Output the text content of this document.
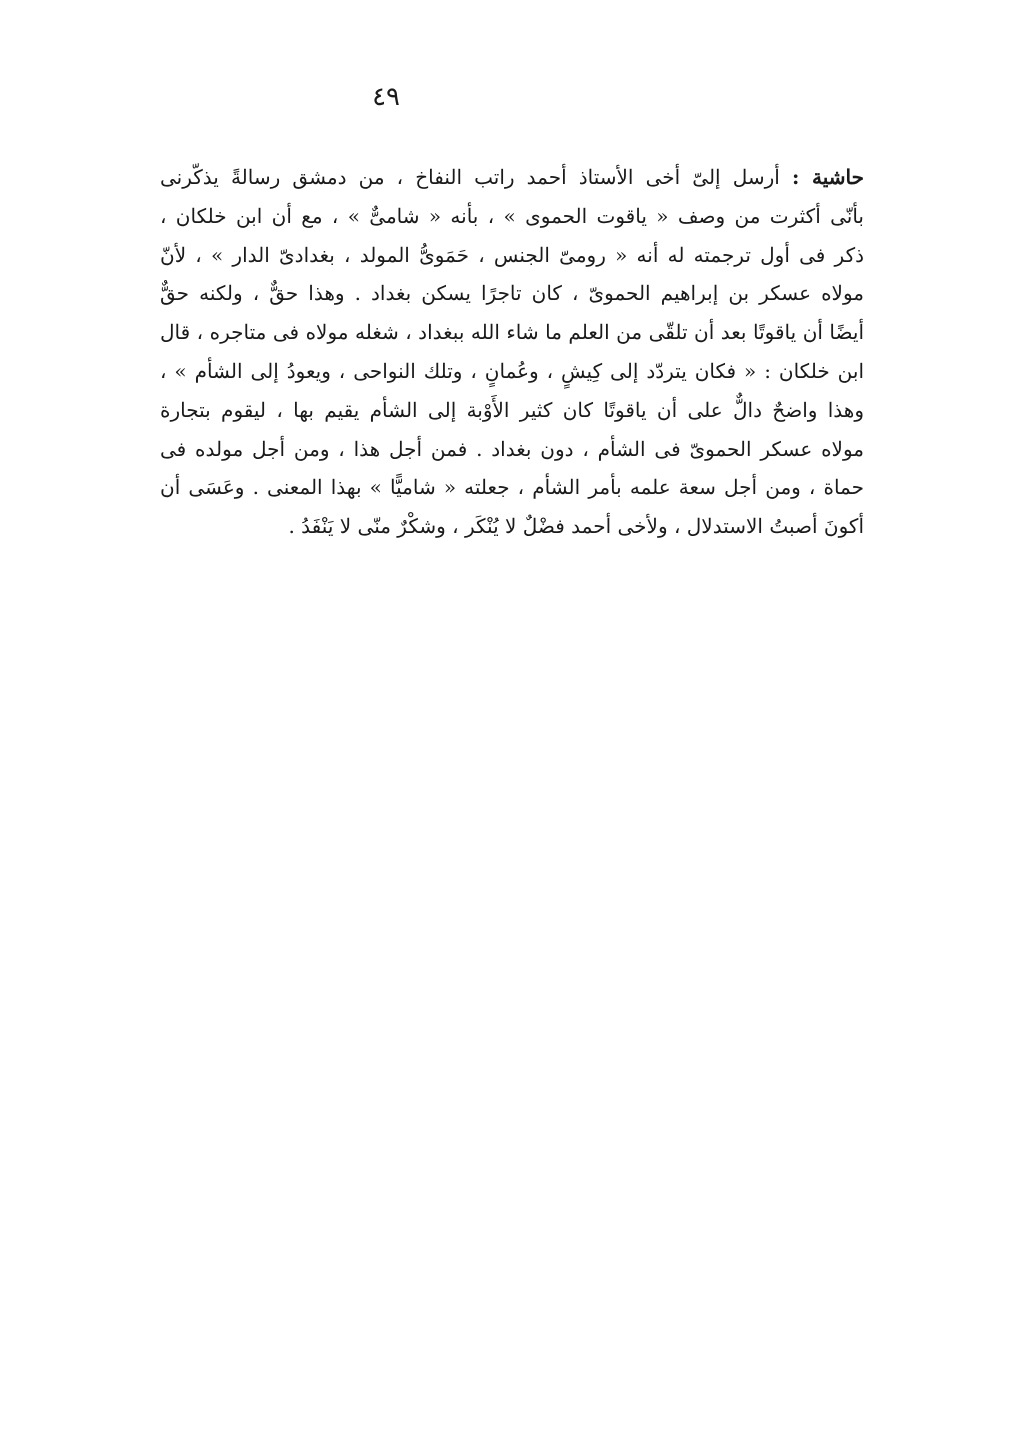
٤٩
حاشية : أرسل إلىّ أخى الأستاذ أحمد راتب النفاخ ، من دمشق رسالةً يذكّرنى
بأنّى أكثرت من وصف « ياقوت الحموى » ، بأنه « شامىٌّ » ، مع أن ابن خلكان ،
ذكر فى أول ترجمته له أنه « رومىّ الجنس ، حَمَوىُّ المولد ، بغدادىّ الدار » ، لأنّ
مولاه عسكر بن إبراهيم الحموىّ ، كان تاجرًا يسكن بغداد . وهذا حقٌّ ، ولكنه حقٌّ
أيضًا أن ياقوتًا بعد أن تلقّى من العلم ما شاء الله ببغداد ، شغله مولاه فى متاجره ، قال
ابن خلكان : « فكان يتردّد إلى كِيشٍ ، وعُمانٍ ، وتلك النواحى ، ويعودُ إلى الشأم » ،
وهذا واضحٌ دالٌّ على أن ياقوتًا كان كثير الأَوْبة إلى الشأم يقيم بها ، ليقوم بتجارة
مولاه عسكر الحموىّ فى الشأم ، دون بغداد . فمن أجل هذا ، ومن أجل مولده فى
حماة ، ومن أجل سعة علمه بأمر الشأم ، جعلته « شاميًّا » بهذا المعنى . وعَسَى أن
أكونَ أصبتُ الاستدلال ، ولأخى أحمد فضْلٌ لا يُنْكَر ، وشكْرٌ منّى لا يَنْفَدُ .
